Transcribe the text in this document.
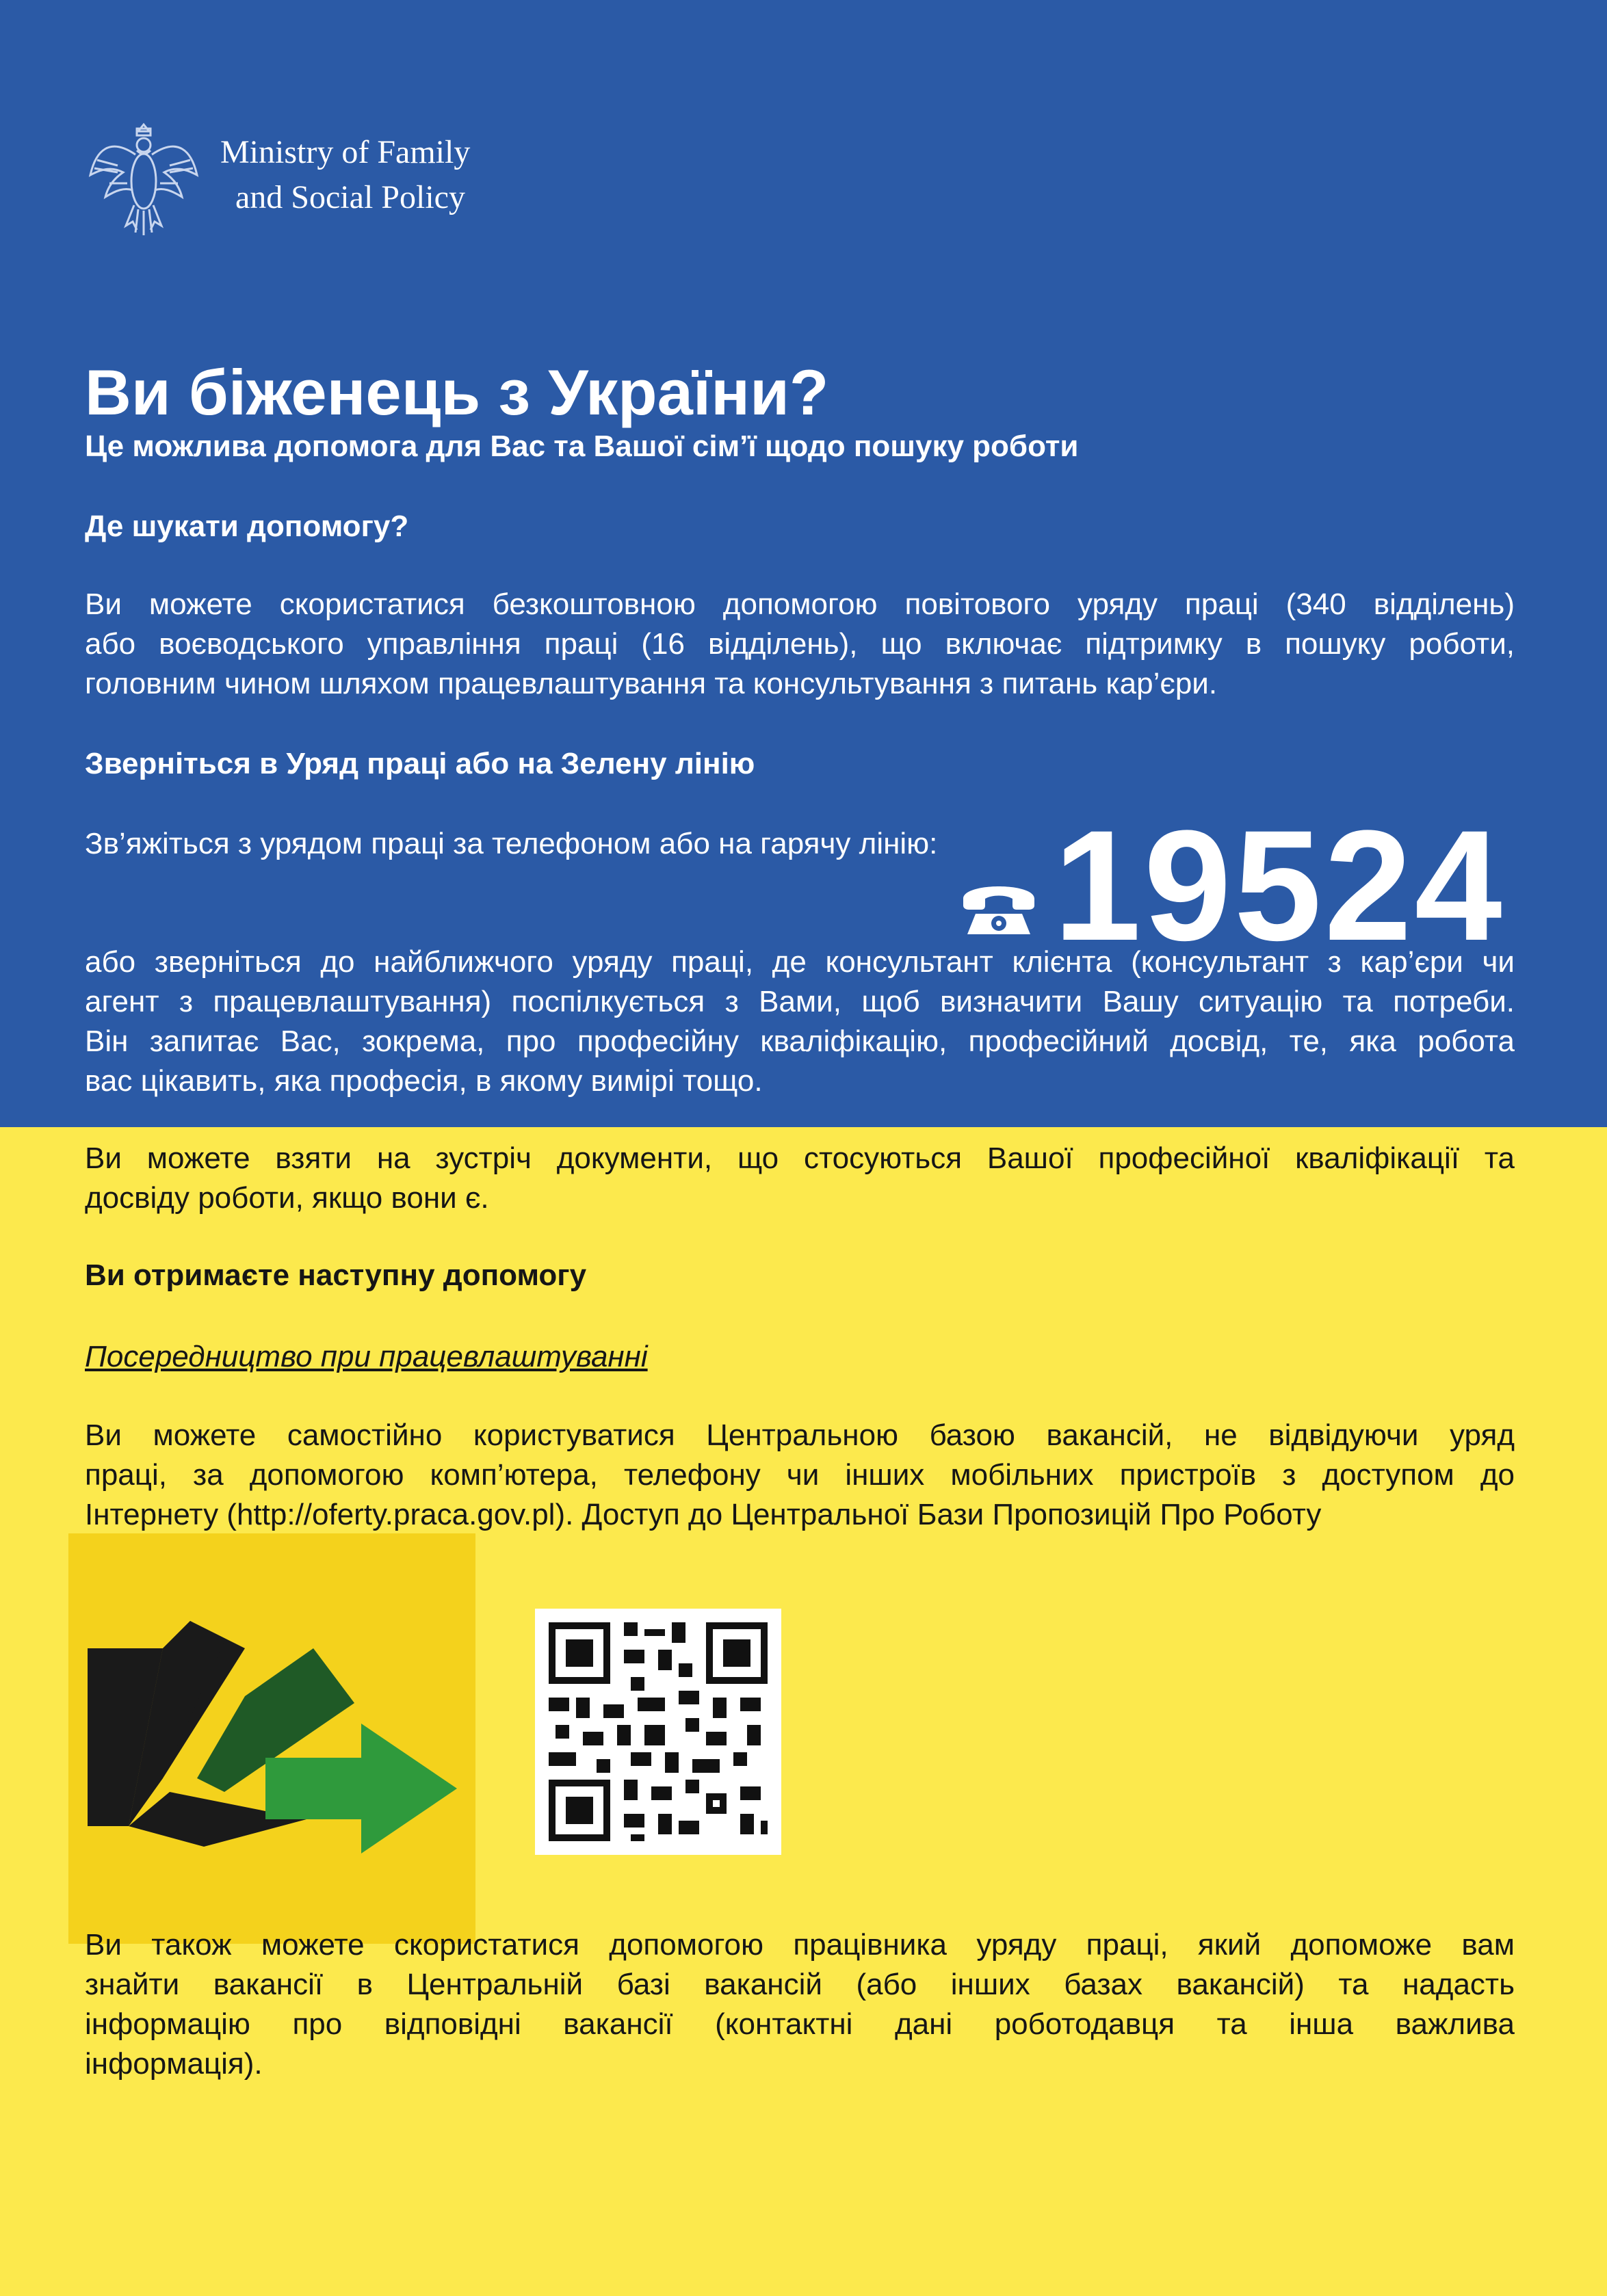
Ministry of Family
and Social Policy
Ви біженець з України?
Це можлива допомога для Вас та Вашої сім’ї щодо пошуку роботи
Де шукати допомогу?
Ви можете скористатися безкоштовною допомогою повітового уряду праці (340 відділень)
або воєводського управління праці (16 відділень), що включає підтримку в пошуку роботи,
головним чином шляхом працевлаштування та консультування з питань кар’єри.
Зверніться в Уряд праці або на Зелену лінію
Зв’яжіться з урядом праці за телефоном або на гарячу лінію: 19524
або зверніться до найближчого уряду праці, де консультант клієнта (консультант з кар’єри чи
агент з працевлаштування) поспілкується з Вами, щоб визначити Вашу ситуацію та потреби.
Він запитає Вас, зокрема, про професійну кваліфікацію, професійний досвід, те, яка робота
вас цікавить, яка професія, в якому вимірі тощо.
Ви можете взяти на зустріч документи, що стосуються Вашої професійної кваліфікації та
досвіду роботи, якщо вони є.
Ви отримаєте наступну допомогу
Посередництво при працевлаштуванні
Ви можете самостійно користуватися Центральною базою вакансій, не відвідуючи уряд
праці, за допомогою комп’ютера, телефону чи інших мобільних пристроїв з доступом до
Інтернету (http://oferty.praca.gov.pl). Доступ до Центральної Бази Пропозицій Про Роботу
Ви також можете скористатися допомогою працівника уряду праці, який допоможе вам
знайти вакансії в Центральній базі вакансій (або інших базах вакансій) та надасть
інформацію про відповідні вакансії (контактні дані роботодавця та інша важлива
інформація).
